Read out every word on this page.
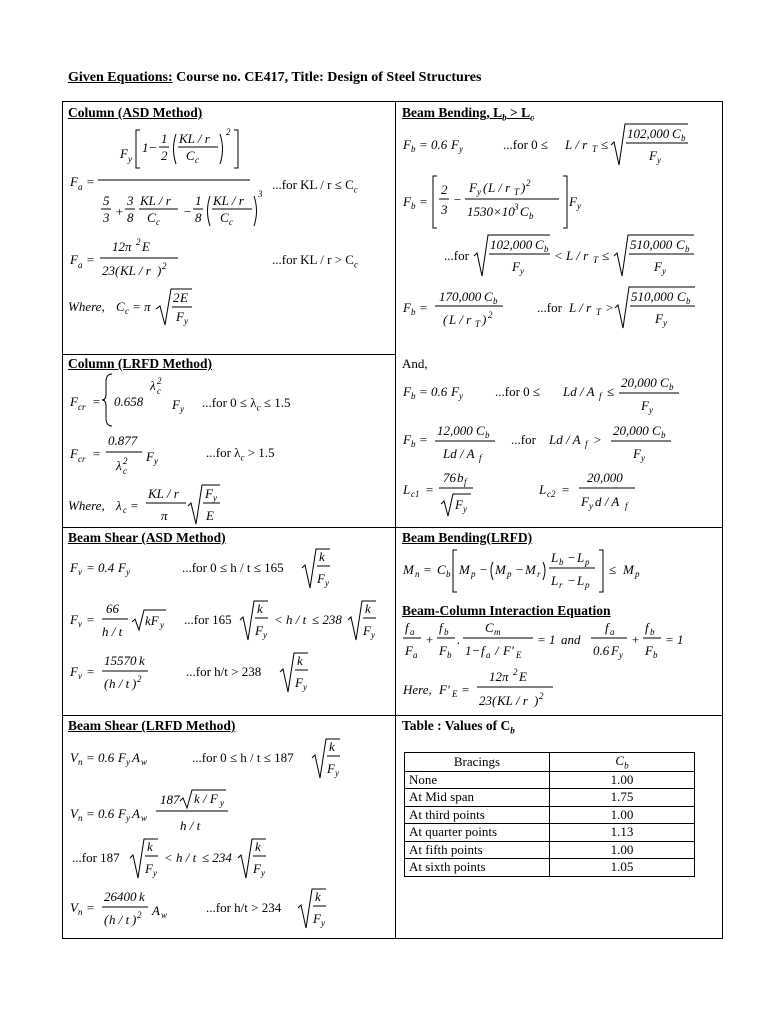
Given Equations: Course no. CE417, Title: Design of Steel Structures
Column (ASD Method)
F a =
F y
1−
1
2
KL / r
C c
2
5
3 +
3
8
KL / r
C c
−
1
8
KL / r
C c
3
...for KL / $r \le C_c$
F a =
12π 2 E
23( KL / r ) 2	...for KL / $r > C_c$
Where, C c = π
2 E
F y
Column (LRFD Method)
F cr = 0.658
λ 2
c
F y ...for $0 \le \lambda_c \le 1.5$
F cr =
0.877
λ 2
c
F y
...for $\lambda_c > 1.5$
Where, λ c =
KL / r
π
F y
E
Beam Bending, $L_b > L_c$
F b = 0.6 F y	...for 0 ≤ L / r T ≤
102,000 C b
F y
F b =
2
3
−
F y ( L / r T ) 2
1530×10 3 C b
F y
...for
102,000 C b
F y
< L / r T ≤
510,000 C b
F y
F b =
170,000 C b
( L / r T ) 2	...for L / r T >
510,000 C b
F y
And,
F b = 0.6 F y ...for 0 ≤ Ld / A f ≤
20,000 C b
F y
F b =
12,000 C b
Ld / A f
...for Ld / A f >
20,000 C b
F y
L c1 =
76 b f
F y
L c2 =
20,000
F y d / A f
Beam Shear (ASD Method)
F v = 0.4 F y	...for 0 ≤ h / t ≤ 165
k
F y
F v =
66
h / t
kF y ...for 165
k
F y
< h / t ≤ 238
k
F y
F v =
15570 k
( h / t ) 2	...for h/t > 238
k
F y
Beam Bending(LRFD)
M n = C b M p − M p − M r
L b − L p
L r − L p
≤ M p
Beam-Column Interaction Equation
f a
F a
+
f b
F b
.
C m
1− f a / F′ E
= 1 and
f a
0.6 F y
+
f b
F b
= 1
Here, F′ E =
12π 2 E
23( KL / r ) 2
Beam Shear (LRFD Method)
V n = 0.6 F y A w	...for 0 ≤ h / t ≤ 187
k
F y
V n = 0.6 F y A w
187 k / F y
h / t
...for 187
k
F y
< h / t ≤ 234
k
F y
V n =
26400 k
( h / t ) 2 A w	...for h/t > 234
k
F y
Table : Values of $C_b$
Bracings	$C_b$
None	1.00
At Mid span	1.75
At third points	1.00
At quarter points	1.13
At fifth points	1.00
At sixth points	1.05
